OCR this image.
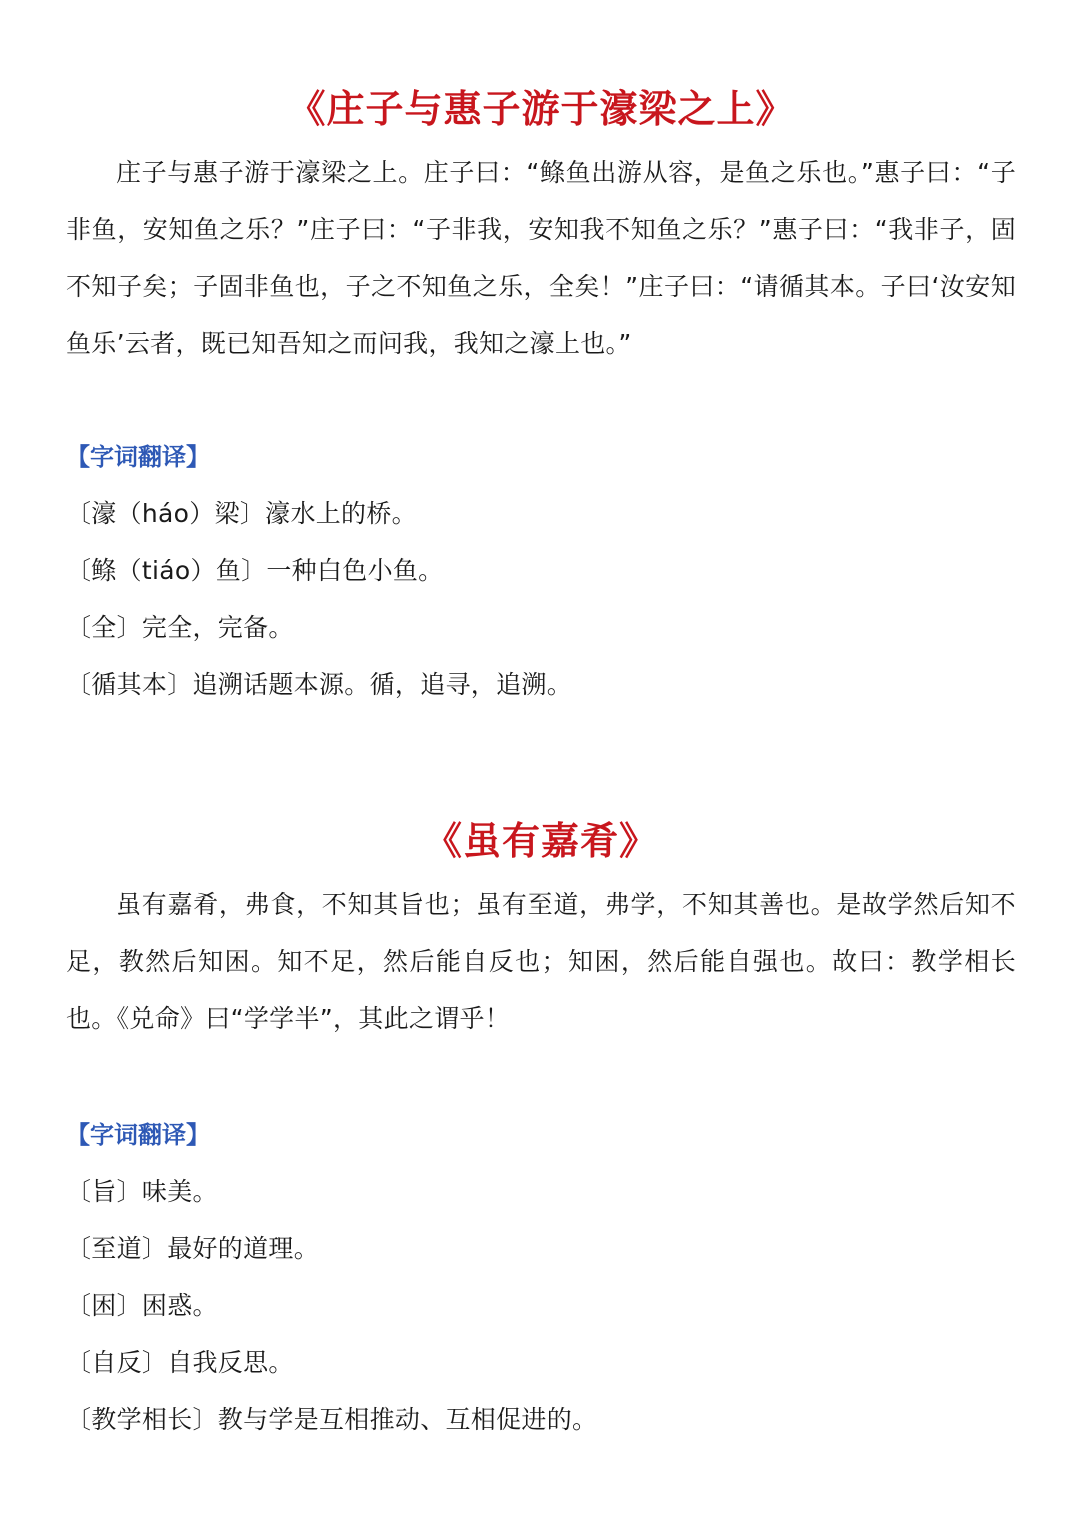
《庄子与惠子游于濠梁之上》

庄子与惠子游于濠梁之上。庄子曰：“鲦鱼出游从容，是鱼之乐也。”惠子曰：“子非鱼，安知鱼之乐？”庄子曰：“子非我，安知我不知鱼之乐？”惠子曰：“我非子，固不知子矣；子固非鱼也，子之不知鱼之乐，全矣！”庄子曰：“请循其本。子曰‘汝安知鱼乐’云者，既已知吾知之而问我，我知之濠上也。”

【字词翻译】
〔濠（háo）梁〕濠水上的桥。
〔鲦（tiáo）鱼〕一种白色小鱼。
〔全〕完全，完备。
〔循其本〕追溯话题本源。循，追寻，追溯。
《虽有嘉肴》

虽有嘉肴，弗食，不知其旨也；虽有至道，弗学，不知其善也。是故学然后知不足，教然后知困。知不足，然后能自反也；知困，然后能自强也。故曰：教学相长也。《兑命》曰“学学半”，其此之谓乎！

【字词翻译】
〔旨〕味美。
〔至道〕最好的道理。
〔困〕困惑。
〔自反〕自我反思。
〔教学相长〕教与学是互相推动、互相促进的。
